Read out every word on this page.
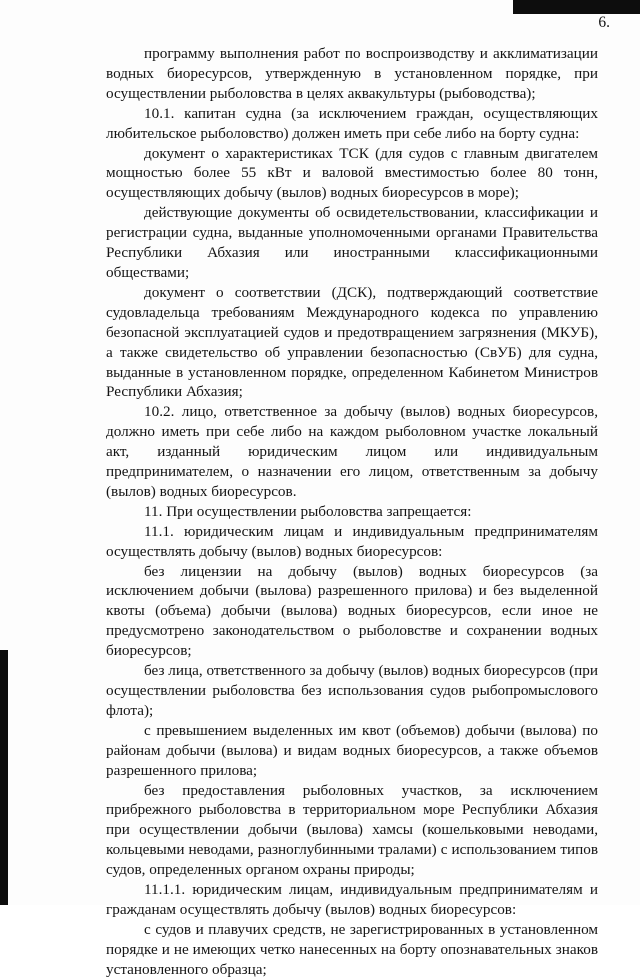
6.

программу выполнения работ по воспроизводству и акклиматизации водных биоресурсов, утвержденную в установленном порядке, при осуществлении рыболовства в целях аквакультуры (рыбоводства);

10.1. капитан судна (за исключением граждан, осуществляющих любительское рыболовство) должен иметь при себе либо на борту судна:

документ о характеристиках ТСК (для судов с главным двигателем мощностью более 55 кВт и валовой вместимостью более 80 тонн, осуществляющих добычу (вылов) водных биоресурсов в море);

действующие документы об освидетельствовании, классификации и регистрации судна, выданные уполномоченными органами Правительства Республики Абхазия или иностранными классификационными обществами;

документ о соответствии (ДСК), подтверждающий соответствие судовладельца требованиям Международного кодекса по управлению безопасной эксплуатацией судов и предотвращением загрязнения (МКУБ), а также свидетельство об управлении безопасностью (СвУБ) для судна, выданные в установленном порядке, определенном Кабинетом Министров Республики Абхазия;

10.2. лицо, ответственное за добычу (вылов) водных биоресурсов, должно иметь при себе либо на каждом рыболовном участке локальный акт, изданный юридическим лицом или индивидуальным предпринимателем, о назначении его лицом, ответственным за добычу (вылов) водных биоресурсов.

11. При осуществлении рыболовства запрещается:

11.1. юридическим лицам и индивидуальным предпринимателям осуществлять добычу (вылов) водных биоресурсов:

без лицензии на добычу (вылов) водных биоресурсов (за исключением добычи (вылова) разрешенного прилова) и без выделенной квоты (объема) добычи (вылова) водных биоресурсов, если иное не предусмотрено законодательством о рыболовстве и сохранении водных биоресурсов;

без лица, ответственного за добычу (вылов) водных биоресурсов (при осуществлении рыболовства без использования судов рыбопромыслового флота);

с превышением выделенных им квот (объемов) добычи (вылова) по районам добычи (вылова) и видам водных биоресурсов, а также объемов разрешенного прилова;

без предоставления рыболовных участков, за исключением прибрежного рыболовства в территориальном море Республики Абхазия при осуществлении добычи (вылова) хамсы (кошельковыми неводами, кольцевыми неводами, разноглубинными тралами) с использованием типов судов, определенных органом охраны природы;

11.1.1. юридическим лицам, индивидуальным предпринимателям и гражданам осуществлять добычу (вылов) водных биоресурсов:

с судов и плавучих средств, не зарегистрированных в установленном порядке и не имеющих четко нанесенных на борту опознавательных знаков установленного образца;
